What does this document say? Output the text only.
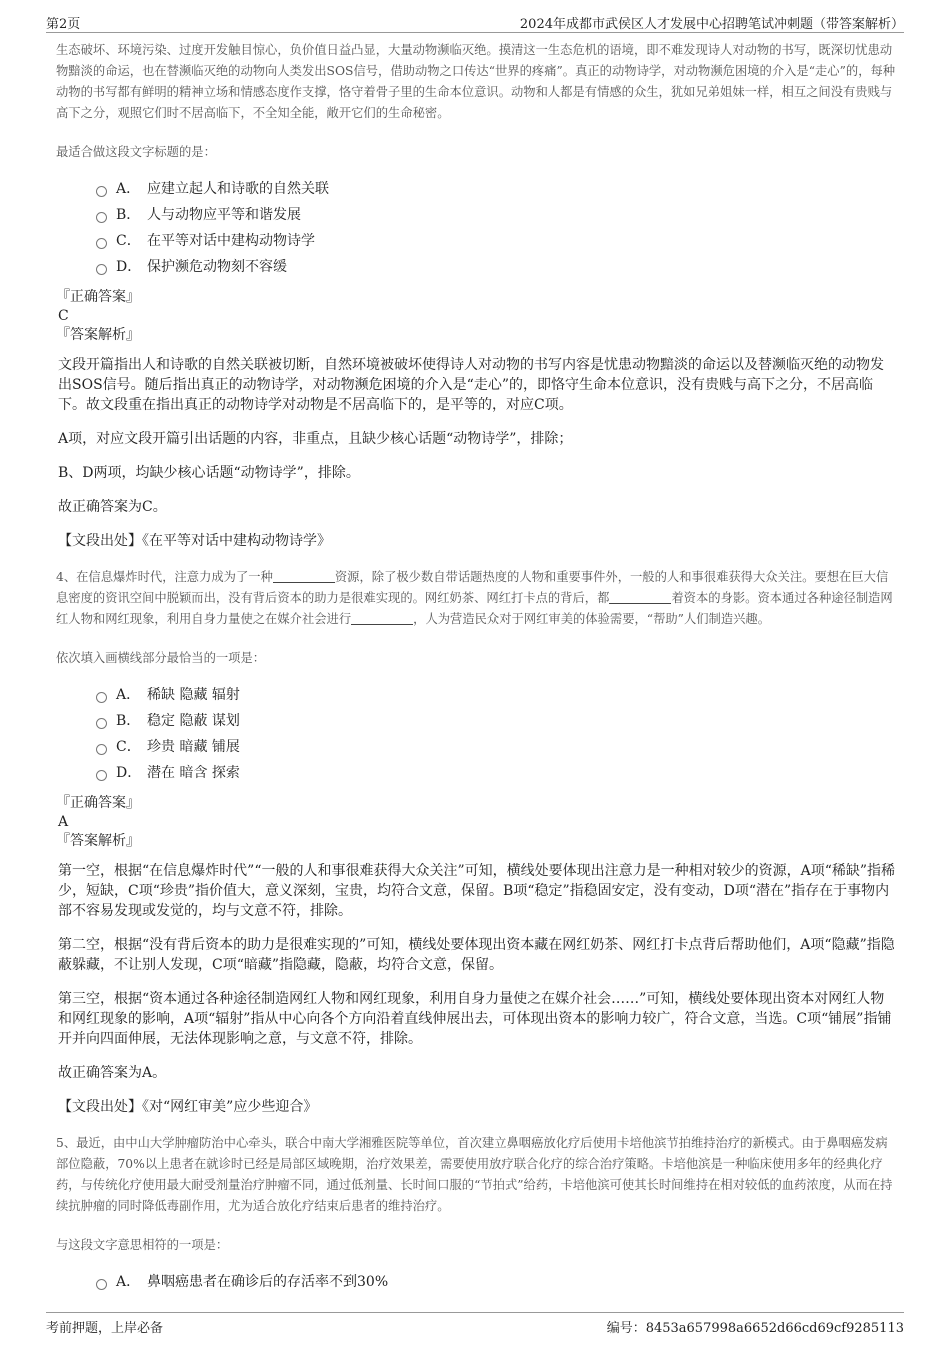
第2页	2024年成都市武侯区人才发展中心招聘笔试冲刺题（带答案解析）

生态破坏、环境污染、过度开发触目惊心，负价值日益凸显，大量动物濒临灭绝。摸清这一生态危机的语境，即不难发现诗人对动物的书写，既深切忧患动物黯淡的命运，也在替濒临灭绝的动物向人类发出SOS信号，借助动物之口传达“世界的疼痛”。真正的动物诗学，对动物濒危困境的介入是“走心”的，每种动物的书写都有鲜明的精神立场和情感态度作支撑，恪守着骨子里的生命本位意识。动物和人都是有情感的众生，犹如兄弟姐妹一样，相互之间没有贵贱与高下之分，观照它们时不居高临下，不全知全能，敞开它们的生命秘密。

最适合做这段文字标题的是：

A． 应建立起人和诗歌的自然关联
B． 人与动物应平等和谐发展
C． 在平等对话中建构动物诗学
D． 保护濒危动物刻不容缓

『正确答案』

C

『答案解析』

文段开篇指出人和诗歌的自然关联被切断，自然环境被破坏使得诗人对动物的书写内容是忧患动物黯淡的命运以及替濒临灭绝的动物发出SOS信号。随后指出真正的动物诗学，对动物濒危困境的介入是“走心”的，即恪守生命本位意识，没有贵贱与高下之分，不居高临下。故文段重在指出真正的动物诗学对动物是不居高临下的，是平等的，对应C项。

A项，对应文段开篇引出话题的内容，非重点，且缺少核心话题“动物诗学”，排除；

B、D两项，均缺少核心话题“动物诗学”，排除。

故正确答案为C。

【文段出处】《在平等对话中建构动物诗学》

4、在信息爆炸时代，注意力成为了一种	资源，除了极少数自带话题热度的人物和重要事件外，一般的人和事很难获得大众关注。要想在巨大信息密度的资讯空间中脱颖而出，没有背后资本的助力是很难实现的。网红奶茶、网红打卡点的背后，都	着资本的身影。资本通过各种途径制造网红人物和网红现象，利用自身力量使之在媒介社会进行	，人为营造民众对于网红审美的体验需要，“帮助”人们制造兴趣。

依次填入画横线部分最恰当的一项是：

A． 稀缺 隐藏 辐射
B． 稳定 隐蔽 谋划
C． 珍贵 暗藏 铺展
D． 潜在 暗含 探索

『正确答案』

A

『答案解析』

第一空，根据“在信息爆炸时代”“一般的人和事很难获得大众关注”可知，横线处要体现出注意力是一种相对较少的资源，A项“稀缺”指稀少，短缺，C项“珍贵”指价值大，意义深刻，宝贵，均符合文意，保留。B项“稳定”指稳固安定，没有变动，D项“潜在”指存在于事物内部不容易发现或发觉的，均与文意不符，排除。

第二空，根据“没有背后资本的助力是很难实现的”可知，横线处要体现出资本藏在网红奶茶、网红打卡点背后帮助他们，A项“隐藏”指隐蔽躲藏，不让别人发现，C项“暗藏”指隐藏，隐蔽，均符合文意，保留。

第三空，根据“资本通过各种途径制造网红人物和网红现象，利用自身力量使之在媒介社会……”可知，横线处要体现出资本对网红人物和网红现象的影响，A项“辐射”指从中心向各个方向沿着直线伸展出去，可体现出资本的影响力较广，符合文意，当选。C项“铺展”指铺开并向四面伸展，无法体现影响之意，与文意不符，排除。

故正确答案为A。

【文段出处】《对“网红审美”应少些迎合》

5、最近，由中山大学肿瘤防治中心牵头，联合中南大学湘雅医院等单位，首次建立鼻咽癌放化疗后使用卡培他滨节拍维持治疗的新模式。由于鼻咽癌发病部位隐蔽，70%以上患者在就诊时已经是局部区域晚期，治疗效果差，需要使用放疗联合化疗的综合治疗策略。卡培他滨是一种临床使用多年的经典化疗药，与传统化疗使用最大耐受剂量治疗肿瘤不同，通过低剂量、长时间口服的“节拍式”给药，卡培他滨可使其长时间维持在相对较低的血药浓度，从而在持续抗肿瘤的同时降低毒副作用，尤为适合放化疗结束后患者的维持治疗。

与这段文字意思相符的一项是：

A． 鼻咽癌患者在确诊后的存活率不到30%
考前押题，上岸必备	编号：8453a657998a6652d66cd69cf9285113
